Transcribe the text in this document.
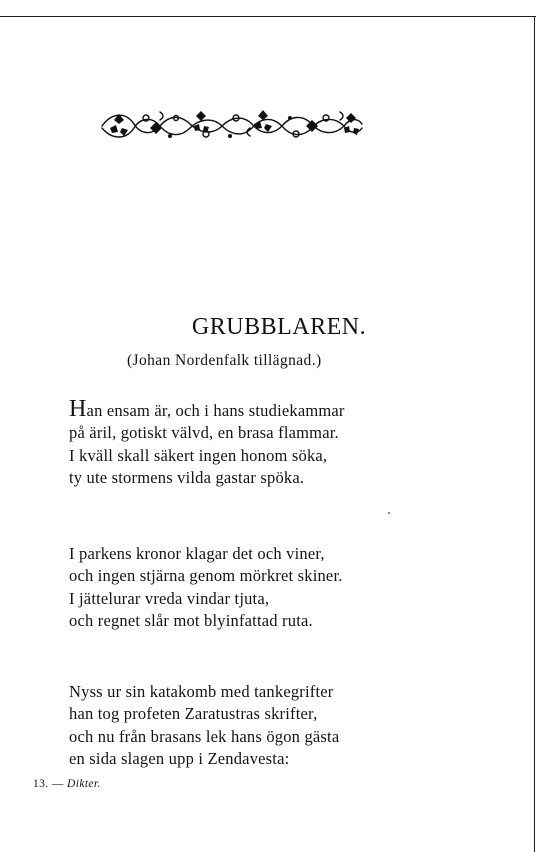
GRUBBLAREN.
(Johan Nordenfalk tillägnad.)

Han ensam är, och i hans studiekammar
på äril, gotiskt välvd, en brasa flammar.
I kväll skall säkert ingen honom söka,
ty ute stormens vilda gastar spöka.

I parkens kronor klagar det och viner,
och ingen stjärna genom mörkret skiner.
I jättelurar vreda vindar tjuta,
och regnet slår mot blyinfattad ruta.

Nyss ur sin katakomb med tankegrifter
han tog profeten Zaratustras skrifter,
och nu från brasans lek hans ögon gästa
en sida slagen upp i Zendavesta:

13. — Dikter.
